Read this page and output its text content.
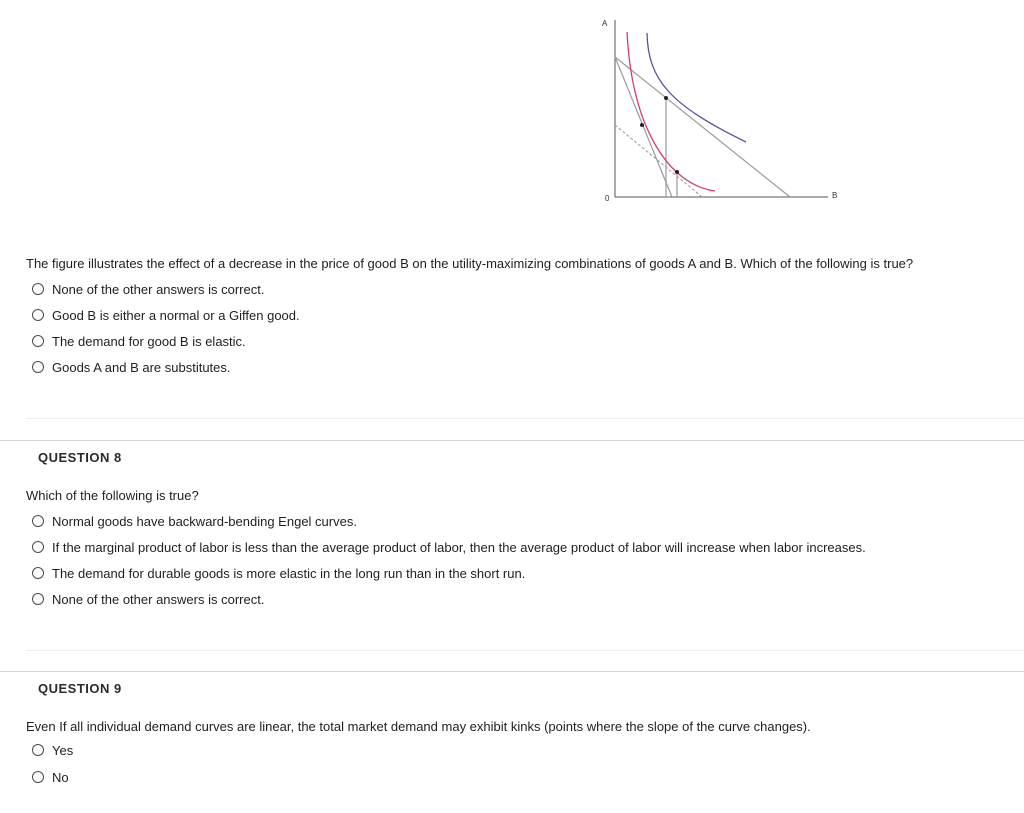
A
B
0
The figure illustrates the effect of a decrease in the price of good B on the utility-maximizing combinations of goods A and B. Which of the following is true?
None of the other answers is correct.
Good B is either a normal or a Giffen good.
The demand for good B is elastic.
Goods A and B are substitutes.
QUESTION 8
Which of the following is true?
Normal goods have backward-bending Engel curves.
If the marginal product of labor is less than the average product of labor, then the average product of labor will increase when labor increases.
The demand for durable goods is more elastic in the long run than in the short run.
None of the other answers is correct.
QUESTION 9
Even If all individual demand curves are linear, the total market demand may exhibit kinks (points where the slope of the curve changes).
Yes
No
